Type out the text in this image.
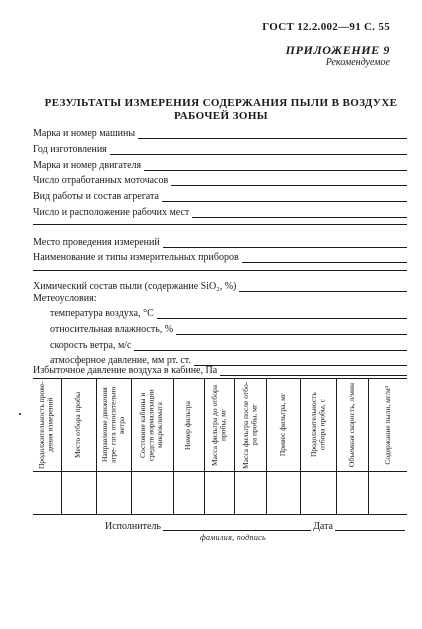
ГОСТ 12.2.002—91 С. 55
ПРИЛОЖЕНИЕ 9
Рекомендуемое
РЕЗУЛЬТАТЫ ИЗМЕРЕНИЯ СОДЕРЖАНИЯ ПЫЛИ В ВОЗДУХЕ
РАБОЧЕЙ ЗОНЫ
Марка и номер машины
Год изготовления
Марка и номер двигателя
Число отработанных моточасов
Вид работы и состав агрегата
Число и расположение рабочих мест
Место проведения измерений
Наименование и типы измерительных приборов
Химический состав пыли (содержание SiO₂, %)
Метеоусловия:
температура воздуха, °С
относительная влажность, %
скорость ветра, м/с
атмосферное давление, мм рт. ст.
Избыточное давление воздуха в кабине, Па
Продолжительность прове- дения измерений	Место отбора пробы	Направление движения агре- гата относительно ветра	Состояние кабины и средств нормализации микроклимата	Номер фильтра	Масса фильтра до отбора пробы, мг	Масса фильтра после отбо- ра пробы, мг	Привес фильтра, мг	Продолжительность отбора пробы, с	Объемная скорость, л/мин	Содержание пыли, мг/м³

Исполнитель	Дата
фамилия, подпись
